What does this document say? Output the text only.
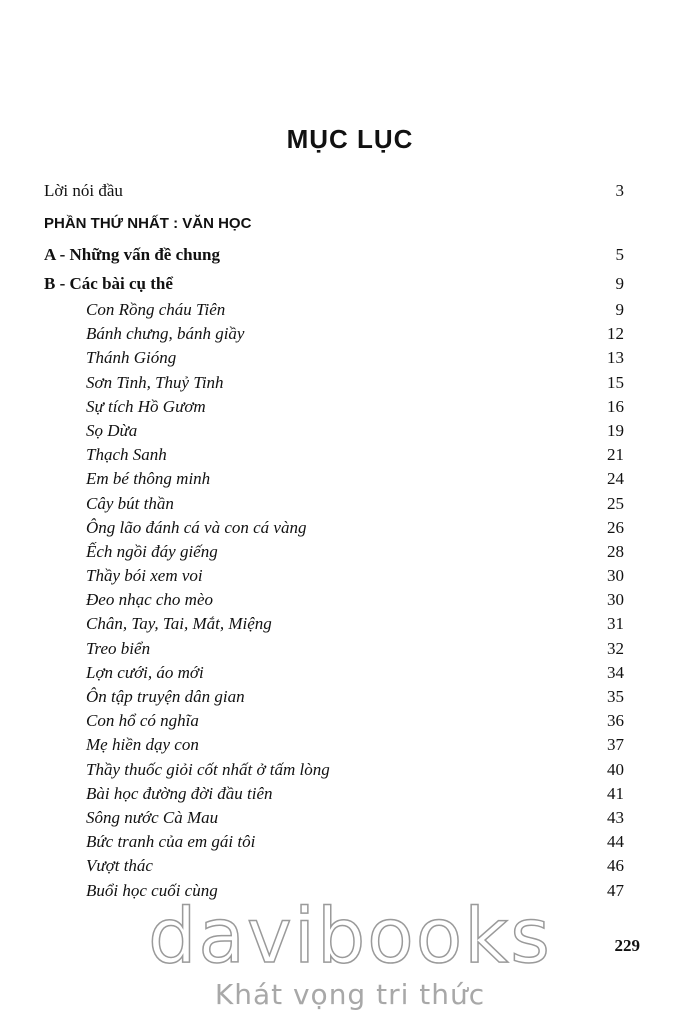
MỤC LỤC
Lời nói đầu	3
PHẦN THỨ NHẤT : VĂN HỌC
A - Những vấn đề chung	5
B - Các bài cụ thể	9
Con Rồng cháu Tiên	9
Bánh chưng, bánh giầy	12
Thánh Gióng	13
Sơn Tinh, Thuỷ Tinh	15
Sự tích Hồ Gươm	16
Sọ Dừa	19
Thạch Sanh	21
Em bé thông minh	24
Cây bút thần	25
Ông lão đánh cá và con cá vàng	26
Ếch ngồi đáy giếng	28
Thầy bói xem voi	30
Đeo nhạc cho mèo	30
Chân, Tay, Tai, Mắt, Miệng	31
Treo biển	32
Lợn cưới, áo mới	34
Ôn tập truyện dân gian	35
Con hổ có nghĩa	36
Mẹ hiền dạy con	37
Thầy thuốc giỏi cốt nhất ở tấm lòng	40
Bài học đường đời đầu tiên	41
Sông nước Cà Mau	43
Bức tranh của em gái tôi	44
Vượt thác	46
Buổi học cuối cùng	47
229
davibooks
Khát vọng tri thức
